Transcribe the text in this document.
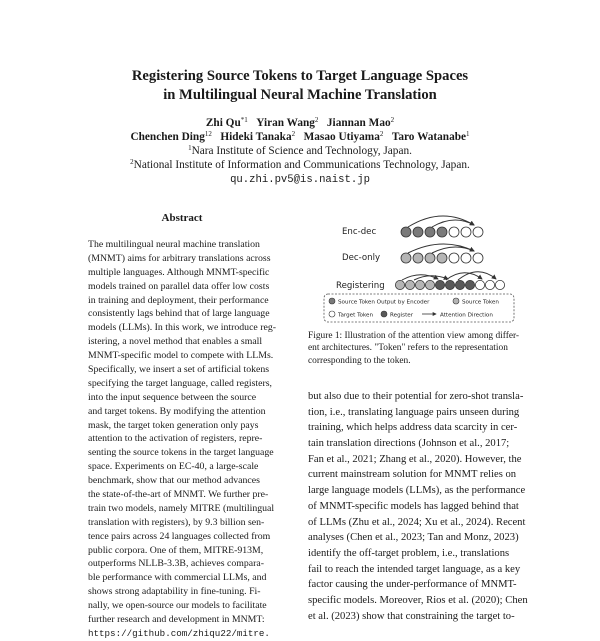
Registering Source Tokens to Target Language Spaces
in Multilingual Neural Machine Translation
Zhi Qu$^{*1}$ Yiran Wang$^2$ Jiannan Mao$^2$
Chenchen Ding$^{12}$ Hideki Tanaka$^2$ Masao Utiyama$^2$ Taro Watanabe$^1$
$^1$Nara Institute of Science and Technology, Japan.
$^2$National Institute of Information and Communications Technology, Japan.
qu.zhi.pv5@is.naist.jp
Abstract
The multilingual neural machine translation
(MNMT) aims for arbitrary translations across
multiple languages. Although MNMT-specific
models trained on parallel data offer low costs
in training and deployment, their performance
consistently lags behind that of large language
models (LLMs). In this work, we introduce reg-
istering, a novel method that enables a small
MNMT-specific model to compete with LLMs.
Specifically, we insert a set of artificial tokens
specifying the target language, called registers,
into the input sequence between the source
and target tokens. By modifying the attention
mask, the target token generation only pays
attention to the activation of registers, repre-
senting the source tokens in the target language
space. Experiments on EC-40, a large-scale
benchmark, show that our method advances
the state-of-the-art of MNMT. We further pre-
train two models, namely MITRE (multilingual
translation with registers), by 9.3 billion sen-
tence pairs across 24 languages collected from
public corpora. One of them, MITRE-913M,
outperforms NLLB-3.3B, achieves compara-
ble performance with commercial LLMs, and
shows strong adaptability in fine-tuning. Fi-
nally, we open-source our models to facilitate
further research and development in MNMT:
https://github.com/zhiqu22/mitre.
Enc-dec
Dec-only
Registering
Source Token Output by Encoder	Source Token
Target Token	Register	Attention Direction
Figure 1: Illustration of the attention view among differ-
ent architectures. "Token" refers to the representation
corresponding to the token.
but also due to their potential for zero-shot transla-
tion, i.e., translating language pairs unseen during
training, which helps address data scarcity in cer-
tain translation directions (Johnson et al., 2017;
Fan et al., 2021; Zhang et al., 2020). However, the
current mainstream solution for MNMT relies on
large language models (LLMs), as the performance
of MNMT-specific models has lagged behind that
of LLMs (Zhu et al., 2024; Xu et al., 2024). Recent
analyses (Chen et al., 2023; Tan and Monz, 2023)
identify the off-target problem, i.e., translations
fail to reach the intended target language, as a key
factor causing the under-performance of MNMT-
specific models. Moreover, Rios et al. (2020); Chen
et al. (2023) show that constraining the target to-
